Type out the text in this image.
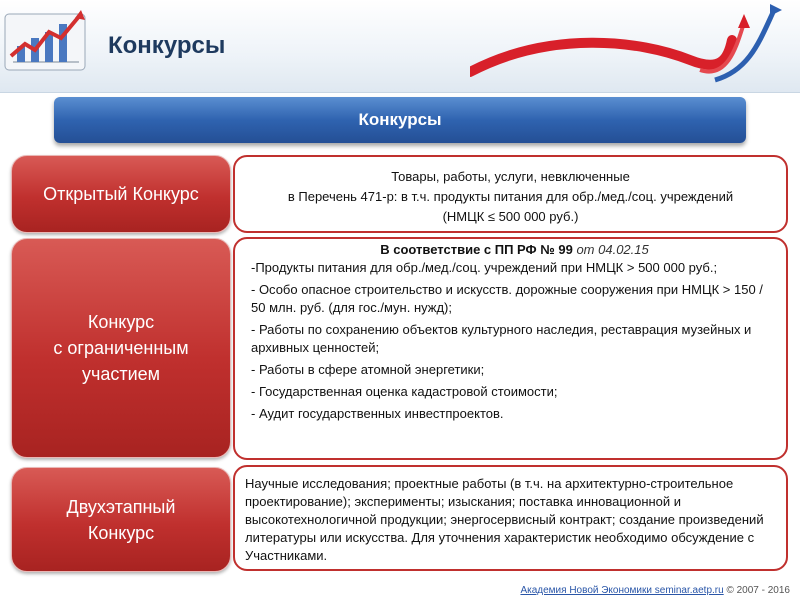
Конкурсы
Конкурсы
Открытый Конкурс
Товары, работы, услуги, невключенные
в Перечень 471-р: в т.ч. продукты питания для обр./мед./соц. учреждений
(НМЦК ≤ 500 000 руб.)
Конкурс
с ограниченным
участием
В соответствие с ПП РФ № 99 от 04.02.15
-Продукты питания для обр./мед./соц. учреждений при НМЦК > 500 000 руб.;
- Особо опасное строительство и искусств. дорожные сооружения при НМЦК > 150 / 50 млн. руб. (для гос./мун. нужд);
- Работы по сохранению объектов культурного наследия, реставрация музейных и архивных ценностей;
- Работы в сфере атомной энергетики;
- Государственная оценка кадастровой стоимости;
- Аудит государственных инвестпроектов.
Двухэтапный
Конкурс
Научные исследования; проектные работы (в т.ч. на архитектурно-строительное проектирование); эксперименты; изыскания; поставка инновационной и высокотехнологичной продукции; энергосервисный контракт; создание произведений литературы или искусства. Для уточнения характеристик необходимо обсуждение с Участниками.
Академия Новой Экономики seminar.aetp.ru © 2007 - 2016
